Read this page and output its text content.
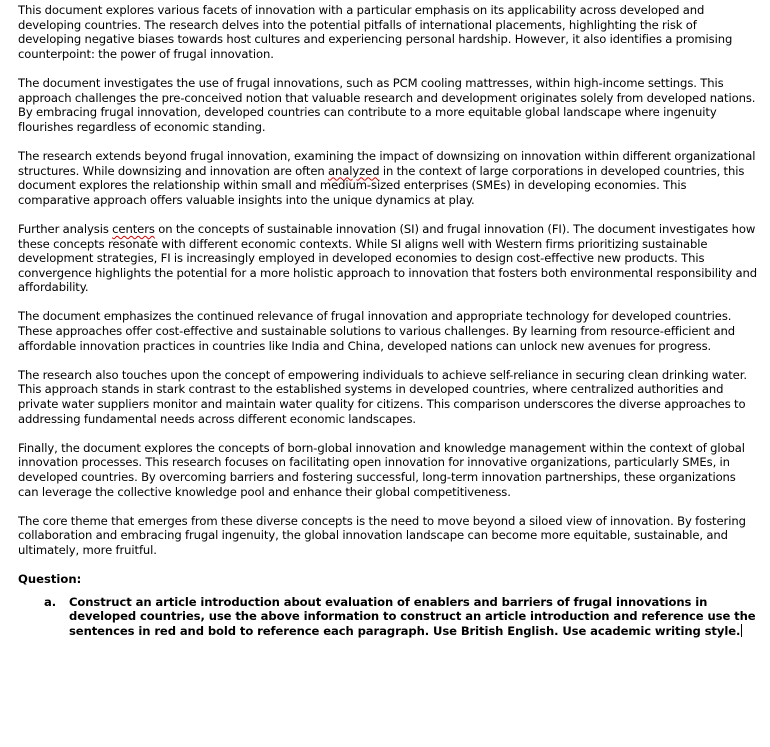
This document explores various facets of innovation with a particular emphasis on its applicability across developed and developing countries. The research delves into the potential pitfalls of international placements, highlighting the risk of developing negative biases towards host cultures and experiencing personal hardship. However, it also identifies a promising counterpoint: the power of frugal innovation.

The document investigates the use of frugal innovations, such as PCM cooling mattresses, within high-income settings. This approach challenges the pre-conceived notion that valuable research and development originates solely from developed nations. By embracing frugal innovation, developed countries can contribute to a more equitable global landscape where ingenuity flourishes regardless of economic standing.

The research extends beyond frugal innovation, examining the impact of downsizing on innovation within different organizational structures. While downsizing and innovation are often analyzed in the context of large corporations in developed countries, this document explores the relationship within small and medium-sized enterprises (SMEs) in developing economies. This comparative approach offers valuable insights into the unique dynamics at play.

Further analysis centers on the concepts of sustainable innovation (SI) and frugal innovation (FI). The document investigates how these concepts resonate with different economic contexts. While SI aligns well with Western firms prioritizing sustainable development strategies, FI is increasingly employed in developed economies to design cost-effective new products. This convergence highlights the potential for a more holistic approach to innovation that fosters both environmental responsibility and affordability.

The document emphasizes the continued relevance of frugal innovation and appropriate technology for developed countries. These approaches offer cost-effective and sustainable solutions to various challenges. By learning from resource-efficient and affordable innovation practices in countries like India and China, developed nations can unlock new avenues for progress.

The research also touches upon the concept of empowering individuals to achieve self-reliance in securing clean drinking water. This approach stands in stark contrast to the established systems in developed countries, where centralized authorities and private water suppliers monitor and maintain water quality for citizens. This comparison underscores the diverse approaches to addressing fundamental needs across different economic landscapes.

Finally, the document explores the concepts of born-global innovation and knowledge management within the context of global innovation processes. This research focuses on facilitating open innovation for innovative organizations, particularly SMEs, in developed countries. By overcoming barriers and fostering successful, long-term innovation partnerships, these organizations can leverage the collective knowledge pool and enhance their global competitiveness.

The core theme that emerges from these diverse concepts is the need to move beyond a siloed view of innovation. By fostering collaboration and embracing frugal ingenuity, the global innovation landscape can become more equitable, sustainable, and ultimately, more fruitful.

Question:
a. Construct an article introduction about evaluation of enablers and barriers of frugal innovations in developed countries, use the above information to construct an article introduction and reference use the sentences in red and bold to reference each paragraph. Use British English. Use academic writing style.
